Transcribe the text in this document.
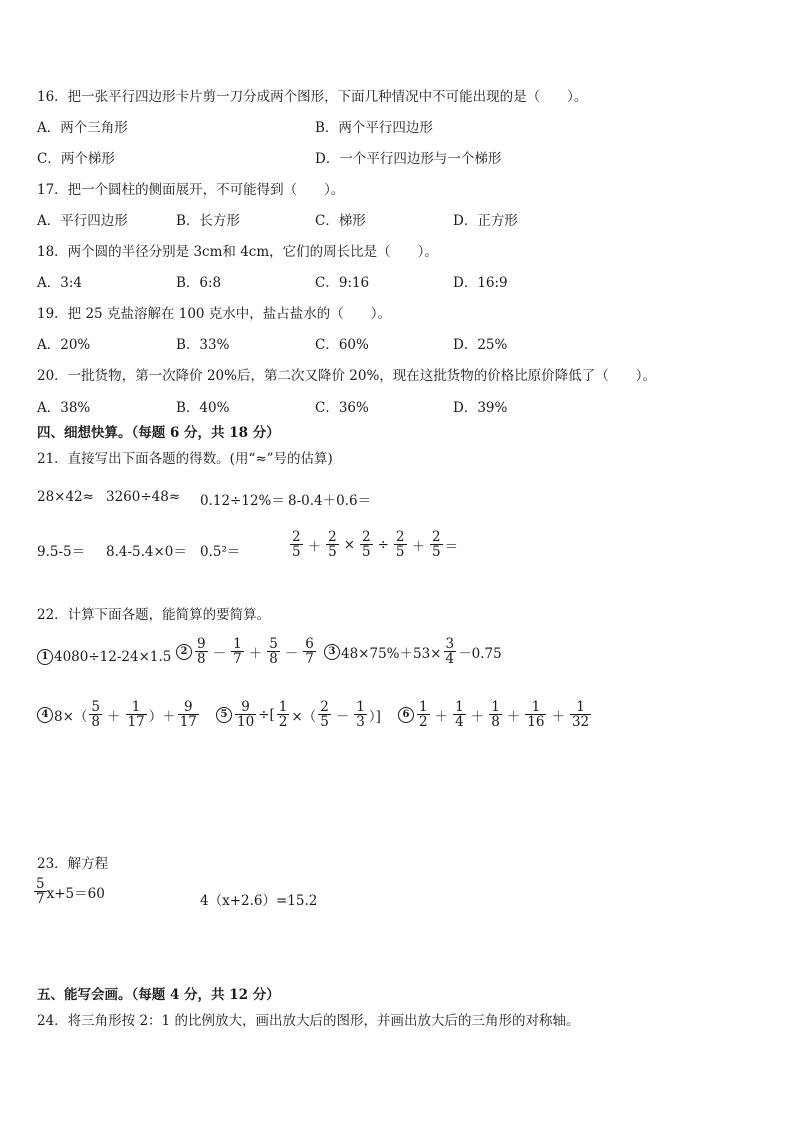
16．把一张平行四边形卡片剪一刀分成两个图形，下面几种情况中不可能出现的是（　　）。
A．两个三角形	B．两个平行四边形
C．两个梯形	D．一个平行四边形与一个梯形
17．把一个圆柱的侧面展开，不可能得到（　　）。
A．平行四边形	B．长方形	C．梯形	D．正方形
18．两个圆的半径分别是 3cm和 4cm，它们的周长比是（　　）。
A．3:4	B．6:8	C．9:16	D．16:9
19．把 25 克盐溶解在 100 克水中，盐占盐水的（　　）。
A．20%	B．33%	C．60%	D．25%
20．一批货物，第一次降价 20%后，第二次又降价 20%，现在这批货物的价格比原价降低了（　　）。
A．38%	B．40%	C．36%	D．39%
四、细想快算。（每题 6 分，共 18 分）
21．直接写出下面各题的得数。(用“≈”号的估算)
28×42≈ 3260÷48≈ 0.12÷12%＝ 8-0.4＋0.6＝
9.5-5＝ 8.4-5.4×0＝ 0.5²＝	$\frac{2}{5} + \frac{2}{5} \times \frac{2}{5} \div \frac{2}{5} + \frac{2}{5}$ ＝
22．计算下面各题，能简算的要简算。
1 4080÷12-24×1.5 $2 \frac{9}{8} - \frac{1}{7} + \frac{5}{8} - \frac{6}{7}$	3 $48\times 75\%+53\times \frac{3}{4} -0.75$
4 $8\times( \frac{5}{8} + \frac{1}{17}$ ）＋ $\frac{9}{17}$	$5 \frac{9}{10}$ ÷[ $\frac{1}{2}$ ×（ $\frac{2}{5} - \frac{1}{3}$ ）]	$6 \frac{1}{2} + \frac{1}{4} + \frac{1}{8} + \frac{1}{16} + \frac{1}{32}$
23．解方程
$\frac{5}{7} x+5=60$	4（x+2.6）=15.2
五、能写会画。（每题 4 分，共 12 分）
24．将三角形按 2：1 的比例放大，画出放大后的图形，并画出放大后的三角形的对称轴。
